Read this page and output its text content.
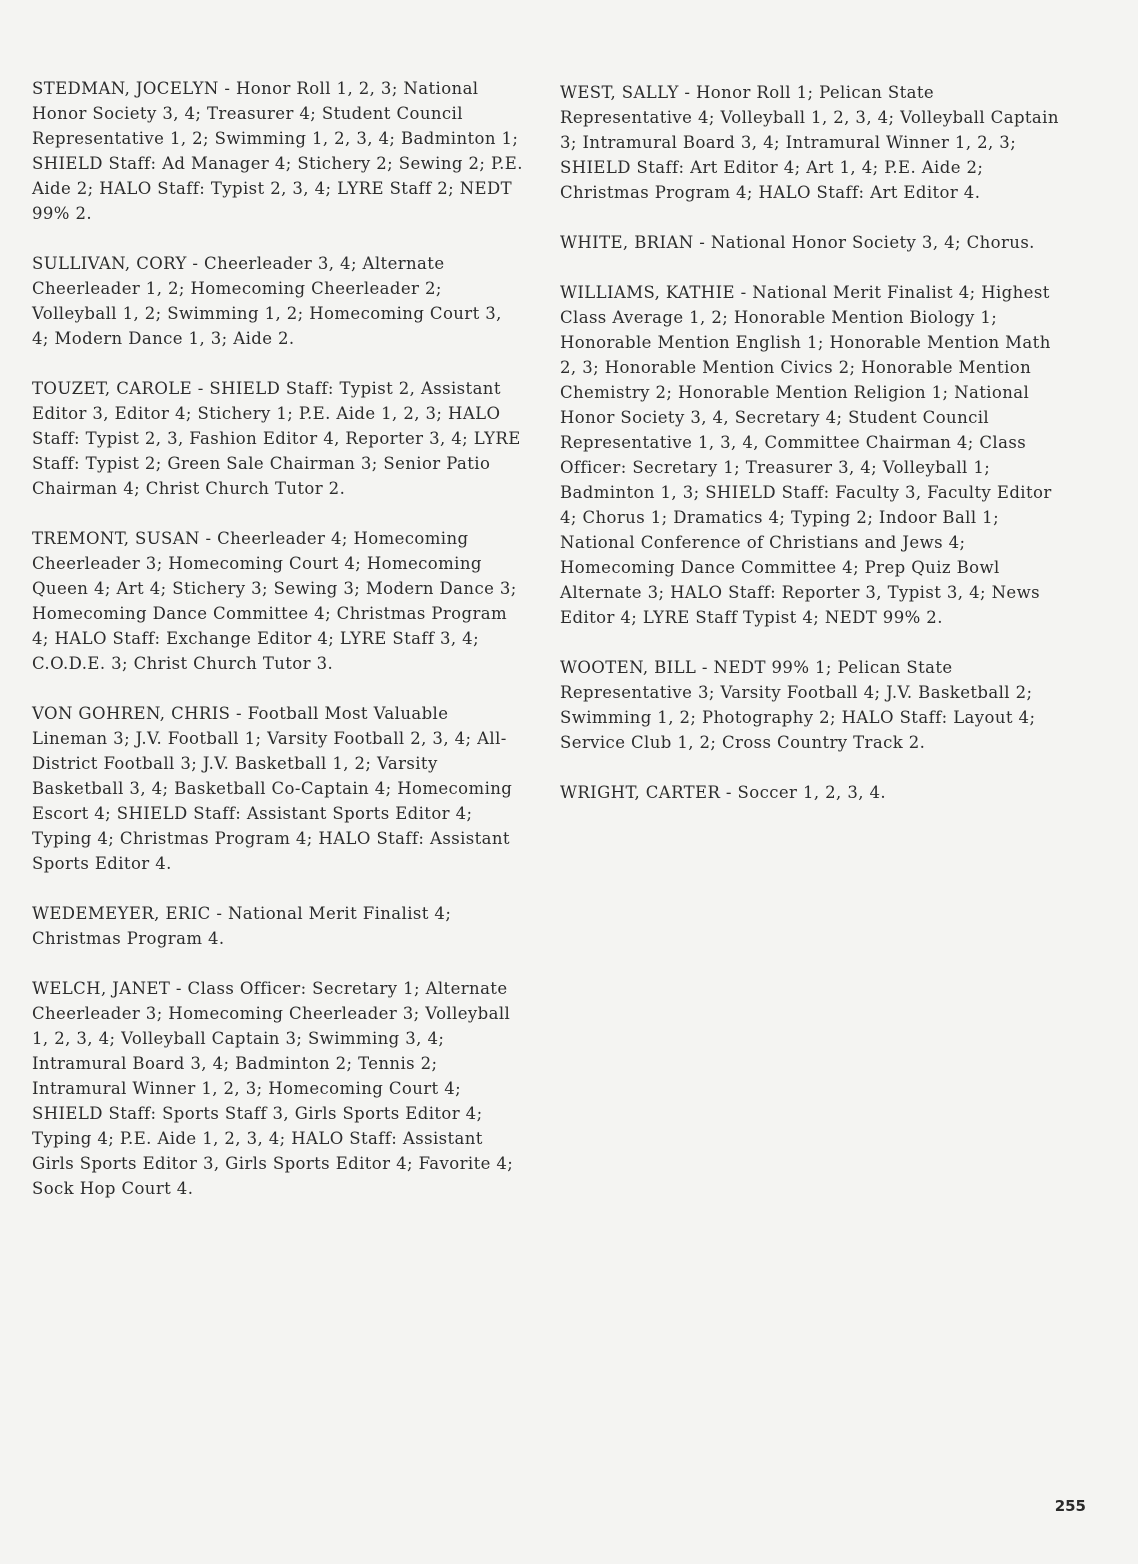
STEDMAN, JOCELYN - Honor Roll 1, 2, 3; National Honor Society 3, 4; Treasurer 4; Student Council Representative 1, 2; Swimming 1, 2, 3, 4; Badminton 1; SHIELD Staff: Ad Manager 4; Stichery 2; Sewing 2; P.E. Aide 2; HALO Staff: Typist 2, 3, 4; LYRE Staff 2; NEDT 99% 2.

SULLIVAN, CORY - Cheerleader 3, 4; Alternate Cheerleader 1, 2; Homecoming Cheerleader 2; Volleyball 1, 2; Swimming 1, 2; Homecoming Court 3, 4; Modern Dance 1, 3; Aide 2.

TOUZET, CAROLE - SHIELD Staff: Typist 2, Assistant Editor 3, Editor 4; Stichery 1; P.E. Aide 1, 2, 3; HALO Staff: Typist 2, 3, Fashion Editor 4, Reporter 3, 4; LYRE Staff: Typist 2; Green Sale Chairman 3; Senior Patio Chairman 4; Christ Church Tutor 2.

TREMONT, SUSAN - Cheerleader 4; Homecoming Cheerleader 3; Homecoming Court 4; Homecoming Queen 4; Art 4; Stichery 3; Sewing 3; Modern Dance 3; Homecoming Dance Committee 4; Christmas Program 4; HALO Staff: Exchange Editor 4; LYRE Staff 3, 4; C.O.D.E. 3; Christ Church Tutor 3.

VON GOHREN, CHRIS - Football Most Valuable Lineman 3; J.V. Football 1; Varsity Football 2, 3, 4; All-District Football 3; J.V. Basketball 1, 2; Varsity Basketball 3, 4; Basketball Co-Captain 4; Homecoming Escort 4; SHIELD Staff: Assistant Sports Editor 4; Typing 4; Christmas Program 4; HALO Staff: Assistant Sports Editor 4.

WEDEMEYER, ERIC - National Merit Finalist 4; Christmas Program 4.

WELCH, JANET - Class Officer: Secretary 1; Alternate Cheerleader 3; Homecoming Cheerleader 3; Volleyball 1, 2, 3, 4; Volleyball Captain 3; Swimming 3, 4; Intramural Board 3, 4; Badminton 2; Tennis 2; Intramural Winner 1, 2, 3; Homecoming Court 4; SHIELD Staff: Sports Staff 3, Girls Sports Editor 4; Typing 4; P.E. Aide 1, 2, 3, 4; HALO Staff: Assistant Girls Sports Editor 3, Girls Sports Editor 4; Favorite 4; Sock Hop Court 4.

WEST, SALLY - Honor Roll 1; Pelican State Representative 4; Volleyball 1, 2, 3, 4; Volleyball Captain 3; Intramural Board 3, 4; Intramural Winner 1, 2, 3; SHIELD Staff: Art Editor 4; Art 1, 4; P.E. Aide 2; Christmas Program 4; HALO Staff: Art Editor 4.

WHITE, BRIAN - National Honor Society 3, 4; Chorus.

WILLIAMS, KATHIE - National Merit Finalist 4; Highest Class Average 1, 2; Honorable Mention Biology 1; Honorable Mention English 1; Honorable Mention Math 2, 3; Honorable Mention Civics 2; Honorable Mention Chemistry 2; Honorable Mention Religion 1; National Honor Society 3, 4, Secretary 4; Student Council Representative 1, 3, 4, Committee Chairman 4; Class Officer: Secretary 1; Treasurer 3, 4; Volleyball 1; Badminton 1, 3; SHIELD Staff: Faculty 3, Faculty Editor 4; Chorus 1; Dramatics 4; Typing 2; Indoor Ball 1; National Conference of Christians and Jews 4; Homecoming Dance Committee 4; Prep Quiz Bowl Alternate 3; HALO Staff: Reporter 3, Typist 3, 4; News Editor 4; LYRE Staff Typist 4; NEDT 99% 2.

WOOTEN, BILL - NEDT 99% 1; Pelican State Representative 3; Varsity Football 4; J.V. Basketball 2; Swimming 1, 2; Photography 2; HALO Staff: Layout 4; Service Club 1, 2; Cross Country Track 2.

WRIGHT, CARTER - Soccer 1, 2, 3, 4.

255
